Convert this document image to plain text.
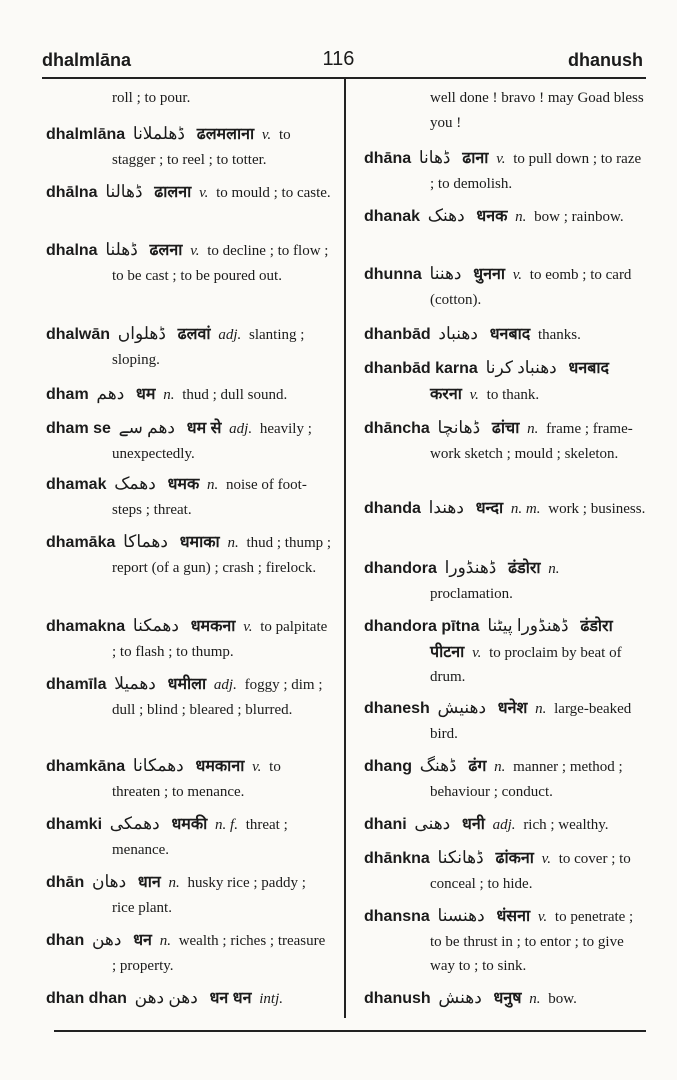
dhalmlāna	116	dhanush
roll ; to pour.
dhalmlāna ڈھلملانا ढलमलाना v. to stagger ; to reel ; to totter.
dhālna ڈھالنا ढालना v. to mould ; to caste.
dhalna ڈھلنا ढलना v. to decline ; to flow ; to be cast ; to be poured out.
dhalwān ڈھلواں ढलवां adj. slanting ; sloping.
dham دھم धम n. thud ; dull sound.
dham se دھم سے धम से adj. heavily ; unexpectedly.
dhamak دھمک धमक n. noise of foot-steps ; threat.
dhamāka دھماکا धमाका n. thud ; thump ; report (of a gun) ; crash ; firelock.
dhamakna دھمکنا धमकना v. to palpitate ; to flash ; to thump.
dhamīla دھمیلا धमीला adj. foggy ; dim ; dull ; blind ; bleared ; blurred.
dhamkāna دھمکانا धमकाना v. to threaten ; to menance.
dhamki دھمکی धमकी n. f. threat ; menance.
dhān دھان धान n. husky rice ; paddy ; rice plant.
dhan دھن धन n. wealth ; riches ; treasure ; property.
dhan dhan دھن دھن धन धन intj.
well done ! bravo ! may Goad bless you !
dhāna ڈھانا ढाना v. to pull down ; to raze ; to demolish.
dhanak دھنک धनक n. bow ; rainbow.
dhunna دھننا धुनना v. to eomb ; to card (cotton).
dhanbād دھنباد धनबाद thanks.
dhanbād karna دھنباد کرنا धनबाद करना v. to thank.
dhāncha ڈھانچا ढांचा n. frame ; frame-work sketch ; mould ; skeleton.
dhanda دھندا धन्दा n. m. work ; business.
dhandora ڈھنڈورا ढंडोरा n. proclamation.
dhandora pītna ڈھنڈورا پیٹنا ढंडोरा पीटना v. to proclaim by beat of drum.
dhanesh دھنیش धनेश n. large-beaked bird.
dhang ڈھنگ ढंग n. manner ; method ; behaviour ; conduct.
dhani دھنی धनी adj. rich ; wealthy.
dhānkna ڈھانکنا ढांकना v. to cover ; to conceal ; to hide.
dhansna دھنسنا धंसना v. to penetrate ; to be thrust in ; to entor ; to give way to ; to sink.
dhanush دھنش धनुष n. bow.
